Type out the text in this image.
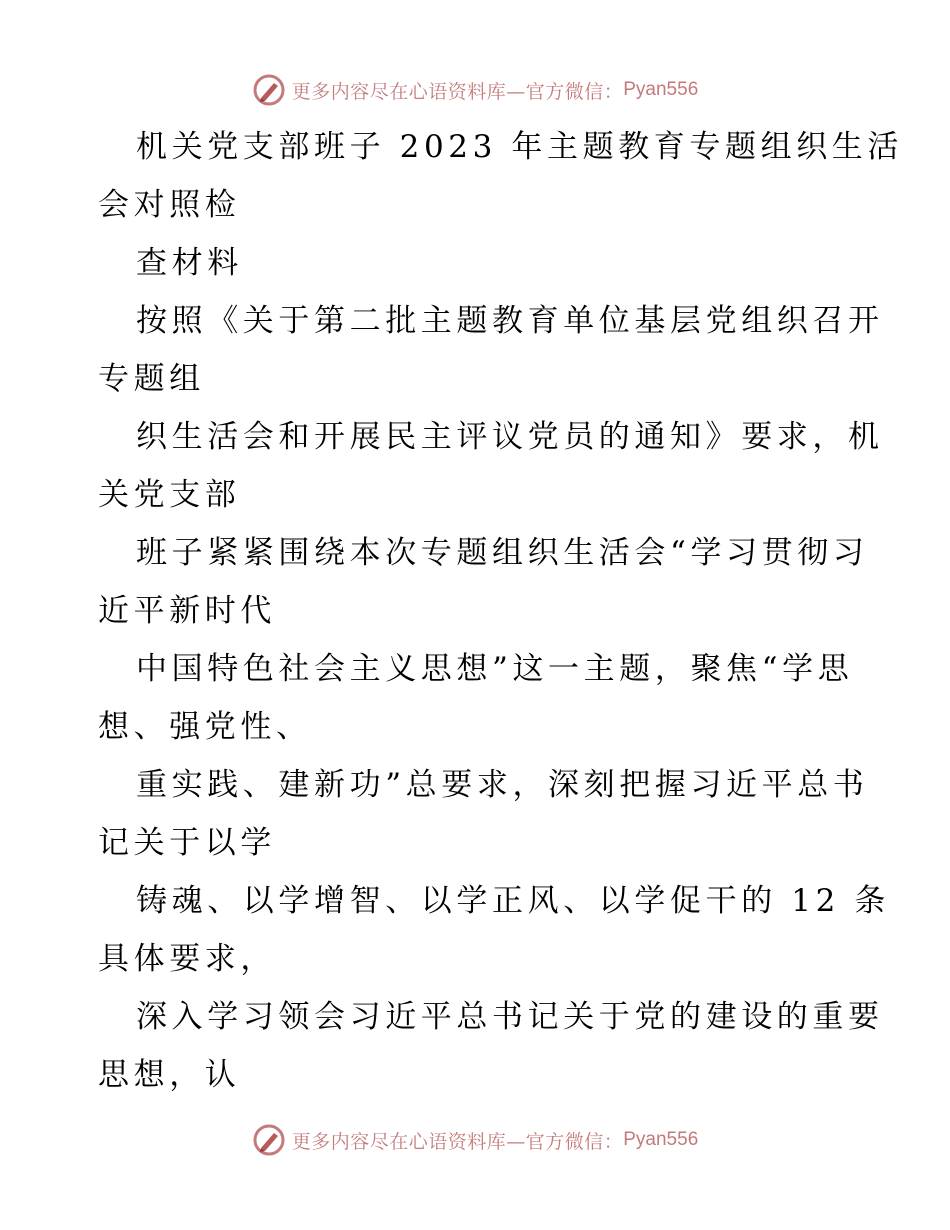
更多内容尽在心语资料库—官方微信： Pyan556
机关党支部班子 2023 年主题教育专题组织生活
会对照检
查材料
按照《关于第二批主题教育单位基层党组织召开
专题组
织生活会和开展民主评议党员的通知》要求，机
关党支部
班子紧紧围绕本次专题组织生活会“学习贯彻习
近平新时代
中国特色社会主义思想”这一主题，聚焦“学思
想、强党性、
重实践、建新功”总要求，深刻把握习近平总书
记关于以学
铸魂、以学增智、以学正风、以学促干的 12 条
具体要求，
深入学习领会习近平总书记关于党的建设的重要
思想，认
更多内容尽在心语资料库—官方微信： Pyan556
